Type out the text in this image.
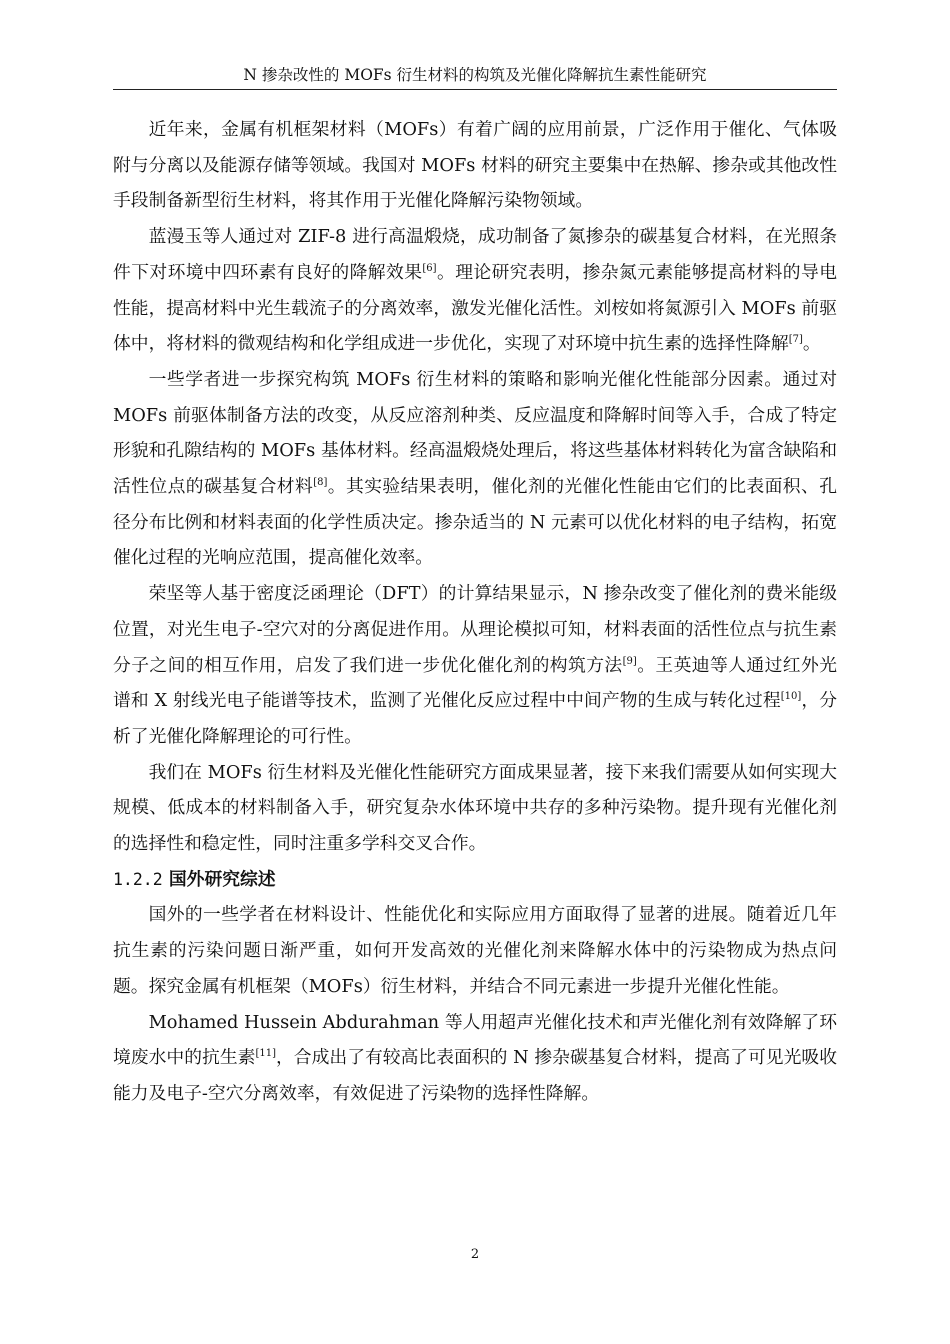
N 掺杂改性的 MOFs 衍生材料的构筑及光催化降解抗生素性能研究

近年来，金属有机框架材料（MOFs）有着广阔的应用前景，广泛作用于催化、气体吸附与分离以及能源存储等领域。我国对 MOFs 材料的研究主要集中在热解、掺杂或其他改性手段制备新型衍生材料，将其作用于光催化降解污染物领域。

蓝漫玉等人通过对 ZIF-8 进行高温煅烧，成功制备了氮掺杂的碳基复合材料，在光照条件下对环境中四环素有良好的降解效果[6]。理论研究表明，掺杂氮元素能够提高材料的导电性能，提高材料中光生载流子的分离效率，激发光催化活性。刘桉如将氮源引入 MOFs 前驱体中，将材料的微观结构和化学组成进一步优化，实现了对环境中抗生素的选择性降解[7]。

一些学者进一步探究构筑 MOFs 衍生材料的策略和影响光催化性能部分因素。通过对 MOFs 前驱体制备方法的改变，从反应溶剂种类、反应温度和降解时间等入手，合成了特定形貌和孔隙结构的 MOFs 基体材料。经高温煅烧处理后，将这些基体材料转化为富含缺陷和活性位点的碳基复合材料[8]。其实验结果表明，催化剂的光催化性能由它们的比表面积、孔径分布比例和材料表面的化学性质决定。掺杂适当的 N 元素可以优化材料的电子结构，拓宽催化过程的光响应范围，提高催化效率。

荣坚等人基于密度泛函理论（DFT）的计算结果显示，N 掺杂改变了催化剂的费米能级位置，对光生电子-空穴对的分离促进作用。从理论模拟可知，材料表面的活性位点与抗生素分子之间的相互作用，启发了我们进一步优化催化剂的构筑方法[9]。王英迪等人通过红外光谱和 X 射线光电子能谱等技术，监测了光催化反应过程中中间产物的生成与转化过程[10]，分析了光催化降解理论的可行性。

我们在 MOFs 衍生材料及光催化性能研究方面成果显著，接下来我们需要从如何实现大规模、低成本的材料制备入手，研究复杂水体环境中共存的多种污染物。提升现有光催化剂的选择性和稳定性，同时注重多学科交叉合作。

1.2.2 国外研究综述

国外的一些学者在材料设计、性能优化和实际应用方面取得了显著的进展。随着近几年抗生素的污染问题日渐严重，如何开发高效的光催化剂来降解水体中的污染物成为热点问题。探究金属有机框架（MOFs）衍生材料，并结合不同元素进一步提升光催化性能。

Mohamed Hussein Abdurahman 等人用超声光催化技术和声光催化剂有效降解了环境废水中的抗生素[11]，合成出了有较高比表面积的 N 掺杂碳基复合材料，提高了可见光吸收能力及电子-空穴分离效率，有效促进了污染物的选择性降解。

2
